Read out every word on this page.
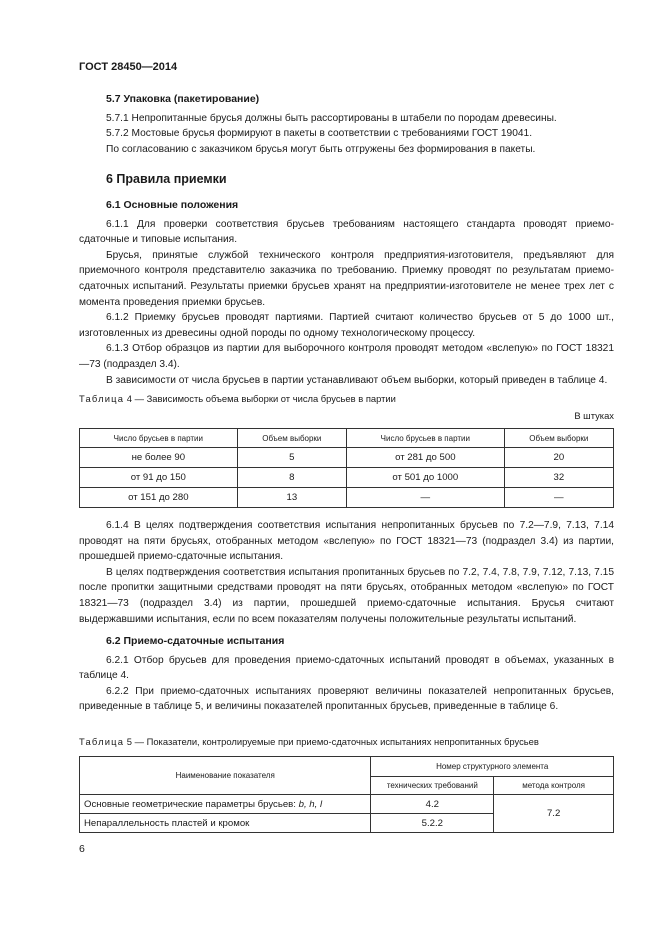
ГОСТ 28450—2014

5.7 Упаковка (пакетирование)

5.7.1 Непропитанные брусья должны быть рассортированы в штабели по породам древесины.

5.7.2 Мостовые брусья формируют в пакеты в соответствии с требованиями ГОСТ 19041.

По согласованию с заказчиком брусья могут быть отгружены без формирования в пакеты.

6 Правила приемки

6.1 Основные положения

6.1.1 Для проверки соответствия брусьев требованиям настоящего стандарта проводят приемо-сдаточные и типовые испытания.

Брусья, принятые службой технического контроля предприятия-изготовителя, предъявляют для приемочного контроля представителю заказчика по требованию. Приемку проводят по результатам приемо-сдаточных испытаний. Результаты приемки брусьев хранят на предприятии-изготовителе не менее трех лет с момента проведения приемки брусьев.

6.1.2 Приемку брусьев проводят партиями. Партией считают количество брусьев от 5 до 1000 шт., изготовленных из древесины одной породы по одному технологическому процессу.

6.1.3 Отбор образцов из партии для выборочного контроля проводят методом «вслепую» по ГОСТ 18321—73 (подраздел 3.4).

В зависимости от числа брусьев в партии устанавливают объем выборки, который приведен в таблице 4.

Таблица 4 — Зависимость объема выборки от числа брусьев в партии
В штуках
Число брусьев в партии	Объем выборки	Число брусьев в партии	Объем выборки
не более 90	5	от 281 до 500	20
от 91 до 150	8	от 501 до 1000	32
от 151 до 280	13	—	—

6.1.4 В целях подтверждения соответствия испытания непропитанных брусьев по 7.2—7.9, 7.13, 7.14 проводят на пяти брусьях, отобранных методом «вслепую» по ГОСТ 18321—73 (подраздел 3.4) из партии, прошедшей приемо-сдаточные испытания.

В целях подтверждения соответствия испытания пропитанных брусьев по 7.2, 7.4, 7.8, 7.9, 7.12, 7.13, 7.15 после пропитки защитными средствами проводят на пяти брусьях, отобранных методом «вслепую» по ГОСТ 18321—73 (подраздел 3.4) из партии, прошедшей приемо-сдаточные испытания. Брусья считают выдержавшими испытания, если по всем показателям получены положительные результаты испытаний.

6.2 Приемо-сдаточные испытания

6.2.1 Отбор брусьев для проведения приемо-сдаточных испытаний проводят в объемах, указанных в таблице 4.

6.2.2 При приемо-сдаточных испытаниях проверяют величины показателей непропитанных брусьев, приведенные в таблице 5, и величины показателей пропитанных брусьев, приведенные в таблице 6.

Таблица 5 — Показатели, контролируемые при приемо-сдаточных испытаниях непропитанных брусьев
Наименование показателя	Номер структурного элемента	
	технических требований	метода контроля
Основные геометрические параметры брусьев: b, h, l	4.2	7.2
Непараллельность пластей и кромок	5.2.2	
6
